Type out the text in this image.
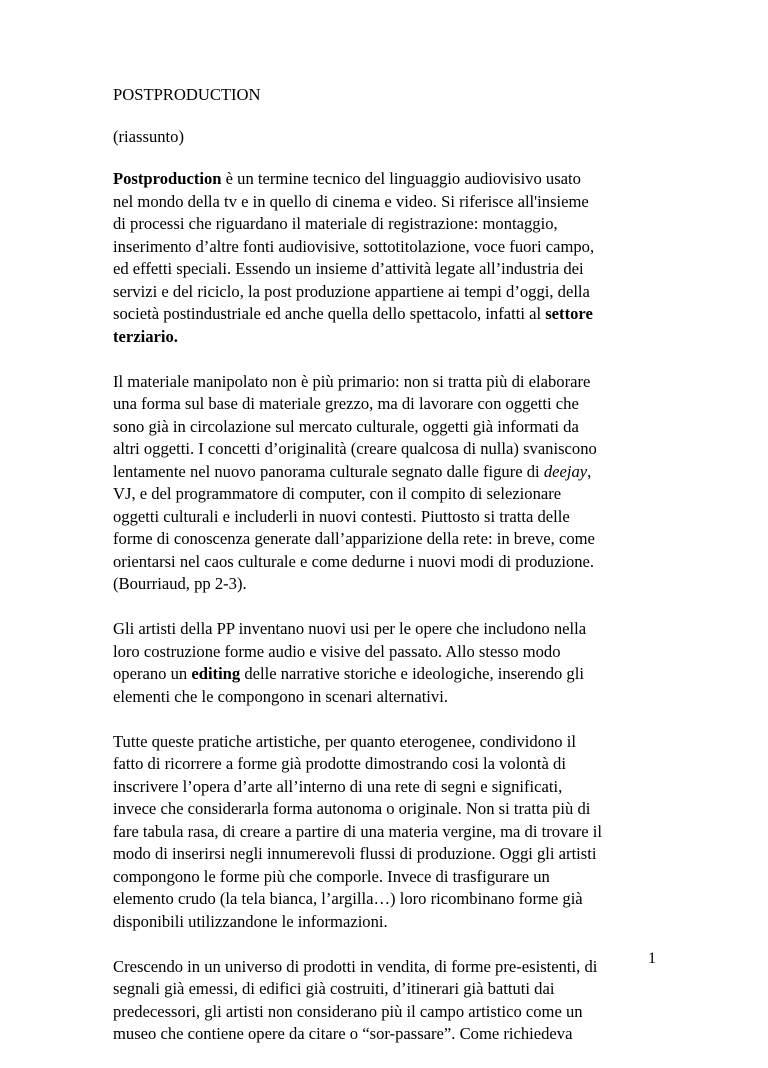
POSTPRODUCTION

(riassunto)

Postproduction è un termine tecnico del linguaggio audiovisivo usato
nel mondo della tv e in quello di cinema e video. Si riferisce all'insieme
di processi che riguardano il materiale di registrazione: montaggio,
inserimento d’altre fonti audiovisive, sottotitolazione, voce fuori campo,
ed effetti speciali. Essendo un insieme d’attività legate all’industria dei
servizi e del riciclo, la post produzione appartiene ai tempi d’oggi, della
società postindustriale ed anche quella dello spettacolo, infatti al settore
terziario.

Il materiale manipolato non è più primario: non si tratta più di elaborare
una forma sul base di materiale grezzo, ma di lavorare con oggetti che
sono già in circolazione sul mercato culturale, oggetti già informati da
altri oggetti. I concetti d’originalità (creare qualcosa di nulla) svaniscono
lentamente nel nuovo panorama culturale segnato dalle figure di deejay,
VJ, e del programmatore di computer, con il compito di selezionare
oggetti culturali e includerli in nuovi contesti. Piuttosto si tratta delle
forme di conoscenza generate dall’apparizione della rete: in breve, come
orientarsi nel caos culturale e come dedurne i nuovi modi di produzione.
(Bourriaud, pp 2-3).

Gli artisti della PP inventano nuovi usi per le opere che includono nella
loro costruzione forme audio e visive del passato. Allo stesso modo
operano un editing delle narrative storiche e ideologiche, inserendo gli
elementi che le compongono in scenari alternativi.

Tutte queste pratiche artistiche, per quanto eterogenee, condividono il
fatto di ricorrere a forme già prodotte dimostrando cosi la volontà di
inscrivere l’opera d’arte all’interno di una rete di segni e significati,
invece che considerarla forma autonoma o originale. Non si tratta più di
fare tabula rasa, di creare a partire di una materia vergine, ma di trovare il
modo di inserirsi negli innumerevoli flussi di produzione. Oggi gli artisti
compongono le forme più che comporle. Invece di trasfigurare un
elemento crudo (la tela bianca, l’argilla…) loro ricombinano forme già
disponibili utilizzandone le informazioni.

Crescendo in un universo di prodotti in vendita, di forme pre-esistenti, di
segnali già emessi, di edifici già costruiti, d’itinerari già battuti dai
predecessori, gli artisti non considerano più il campo artistico come un
museo che contiene opere da citare o “sor-passare”. Come richiedeva

1
